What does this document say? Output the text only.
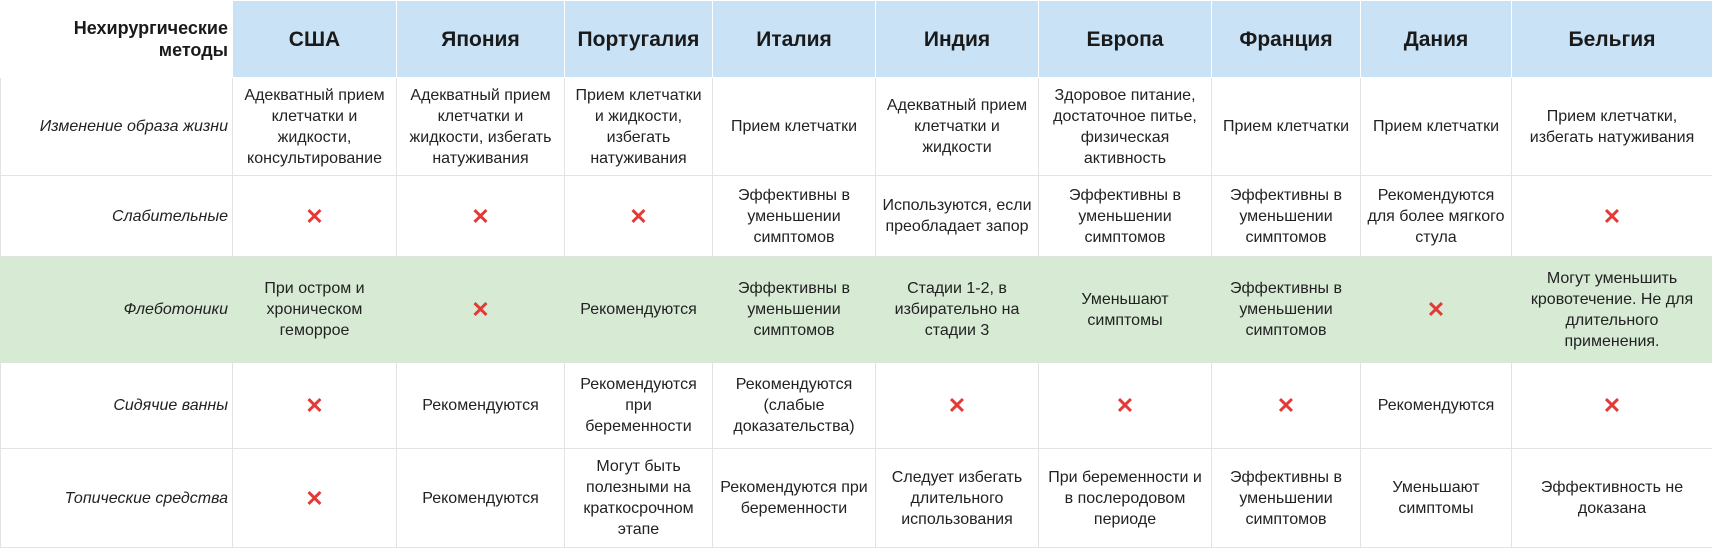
Нехирургические методы	США	Япония	Португалия	Италия	Индия	Европа	Франция	Дания	Бельгия
Изменение образа жизни	Адекватный прием клетчатки и жидкости, консультирование	Адекватный прием клетчатки и жидкости, избегать натуживания	Прием клетчатки и жидкости, избегать натуживания	Прием клетчатки	Адекватный прием клетчатки и жидкости	Здоровое питание, достаточное питье, физическая активность	Прием клетчатки	Прием клетчатки	Прием клетчатки, избегать натуживания
Слабительные	✕	✕	✕	Эффективны в уменьшении симптомов	Используются, если преобладает запор	Эффективны в уменьшении симптомов	Эффективны в уменьшении симптомов	Рекомендуются для более мягкого стула	✕
Флеботоники	При остром и хроническом геморрое	✕	Рекомендуются	Эффективны в уменьшении симптомов	Стадии 1-2, в избирательно на стадии 3	Уменьшают симптомы	Эффективны в уменьшении симптомов	✕	Могут уменьшить кровотечение. Не для длительного применения.
Сидячие ванны	✕	Рекомендуются	Рекомендуются при беременности	Рекомендуются (слабые доказательства)	✕	✕	✕	Рекомендуются	✕
Топические средства	✕	Рекомендуются	Могут быть полезными на краткосрочном этапе	Рекомендуются при беременности	Следует избегать длительного использования	При беременности и в послеродовом периоде	Эффективны в уменьшении симптомов	Уменьшают симптомы	Эффективность не доказана
